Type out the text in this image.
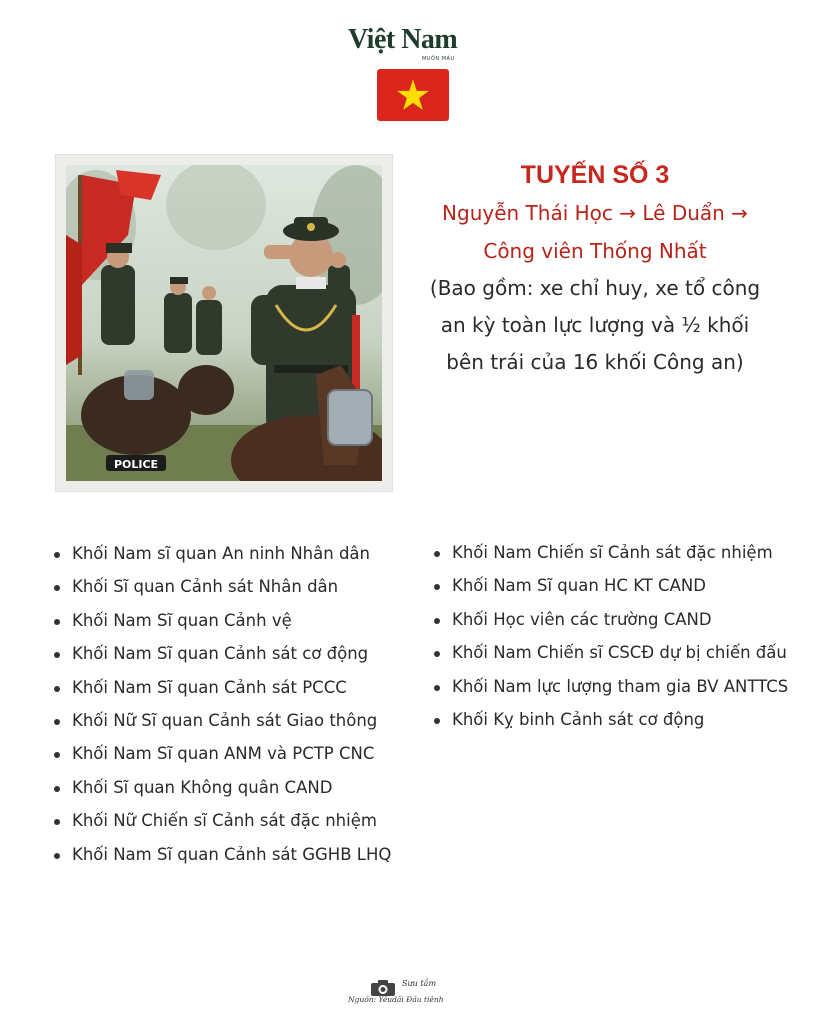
Việt Nam
MUÔN MÀU
POLICE
TUYẾN SỐ 3
Nguyễn Thái Học → Lê Duẩn →
Công viên Thống Nhất
(Bao gồm: xe chỉ huy, xe tổ công
an kỳ toàn lực lượng và ½ khối
bên trái của 16 khối Công an)
Khối Nam sĩ quan An ninh Nhân dân
Khối Sĩ quan Cảnh sát Nhân dân
Khối Nam Sĩ quan Cảnh vệ
Khối Nam Sĩ quan Cảnh sát cơ động
Khối Nam Sĩ quan Cảnh sát PCCC
Khối Nữ Sĩ quan Cảnh sát Giao thông
Khối Nam Sĩ quan ANM và PCTP CNC
Khối Sĩ quan Không quân CAND
Khối Nữ Chiến sĩ Cảnh sát đặc nhiệm
Khối Nam Sĩ quan Cảnh sát GGHB LHQ
Khối Nam Chiến sĩ Cảnh sát đặc nhiệm
Khối Nam Sĩ quan HC KT CAND
Khối Học viên các trường CAND
Khối Nam Chiến sĩ CSCĐ dự bị chiến đấu
Khối Nam lực lượng tham gia BV ANTTCS
Khối Kỵ binh Cảnh sát cơ động
Sưu tầm
Nguồn: Yêudãi Đầu tiênh
